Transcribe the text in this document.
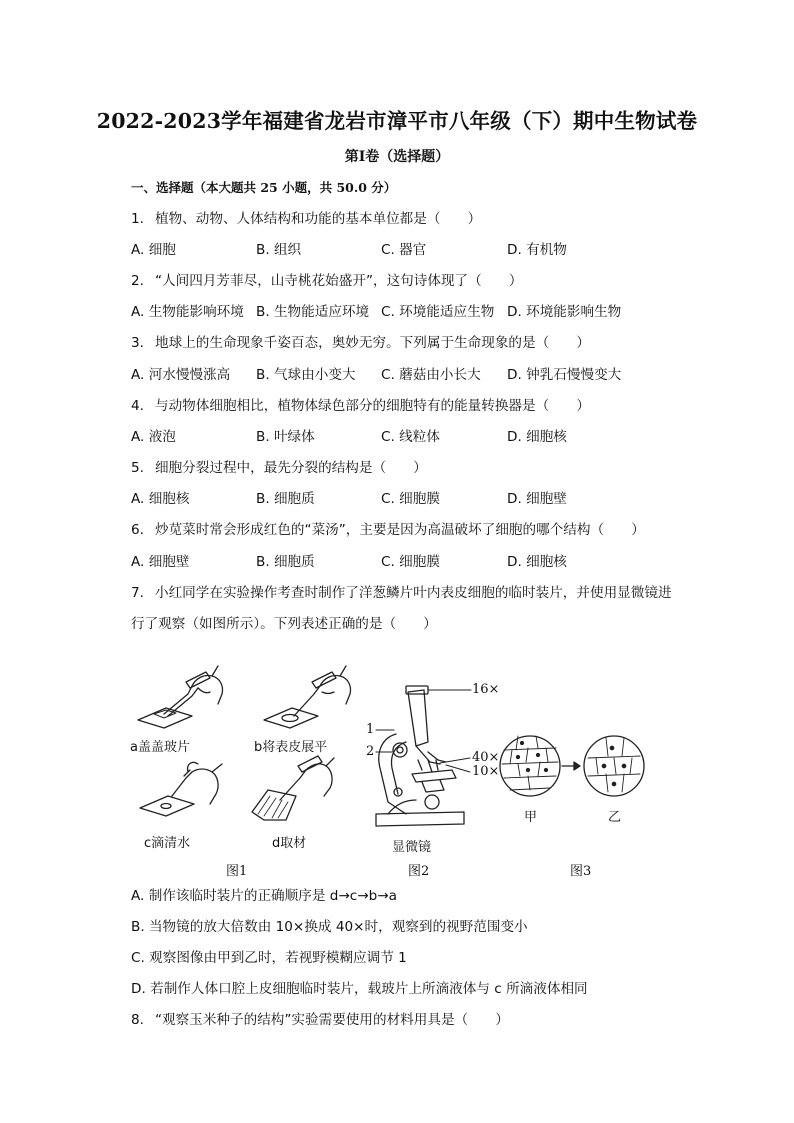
2022-2023学年福建省龙岩市漳平市八年级（下）期中生物试卷
第I卷（选择题）
一、选择题（本大题共 25 小题，共 50.0 分）
1. 植物、动物、人体结构和功能的基本单位都是（　　）
A. 细胞	B. 组织	C. 器官	D. 有机物
2. “人间四月芳菲尽，山寺桃花始盛开”，这句诗体现了（　　）
A. 生物能影响环境 B. 生物能适应环境 C. 环境能适应生物 D. 环境能影响生物
3. 地球上的生命现象千姿百态，奥妙无穷。下列属于生命现象的是（　　）
A. 河水慢慢涨高 B. 气球由小变大 C. 蘑菇由小长大 D. 钟乳石慢慢变大
4. 与动物体细胞相比，植物体绿色部分的细胞特有的能量转换器是（　　）
A. 液泡	B. 叶绿体	C. 线粒体	D. 细胞核
5. 细胞分裂过程中，最先分裂的结构是（　　）
A. 细胞核	B. 细胞质	C. 细胞膜	D. 细胞壁
6. 炒苋菜时常会形成红色的“菜汤”，主要是因为高温破坏了细胞的哪个结构（　　）
A. 细胞壁	B. 细胞质	C. 细胞膜	D. 细胞核
7. 小红同学在实验操作考查时制作了洋葱鳞片叶内表皮细胞的临时装片，并使用显微镜进
行了观察（如图所示）。下列表述正确的是（　　）
a盖盖玻片	b将表皮展平
c滴清水	d取材	显微镜
16×
1
2	40×
10×
甲	乙
图1	图2	图3
A. 制作该临时装片的正确顺序是 d→c→b→a
B. 当物镜的放大倍数由 10×换成 40×时，观察到的视野范围变小
C. 观察图像由甲到乙时，若视野模糊应调节 1
D. 若制作人体口腔上皮细胞临时装片，载玻片上所滴液体与 c 所滴液体相同
8. “观察玉米种子的结构”实验需要使用的材料用具是（　　）
